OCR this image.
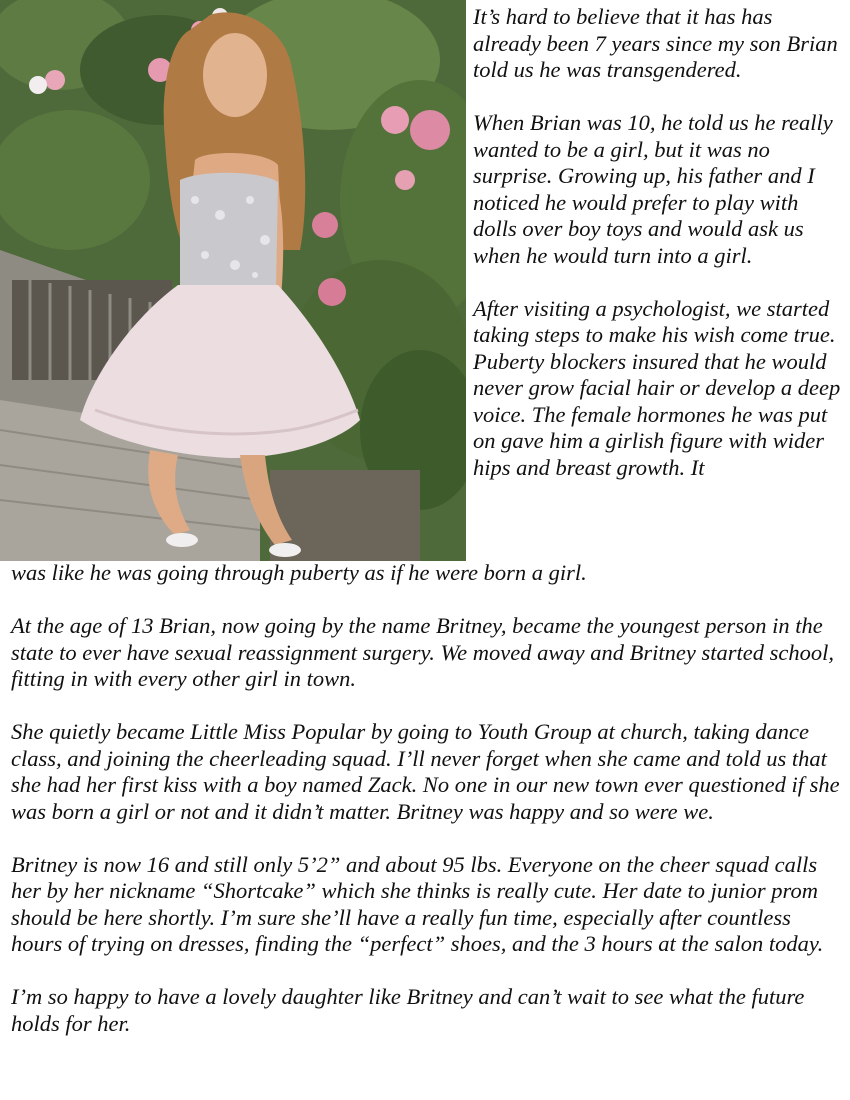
It’s hard to believe that it has has already been 7 years since my son Brian told us he was transgendered.

When Brian was 10, he told us he really wanted to be a girl, but it was no surprise. Growing up, his father and I noticed he would prefer to play with dolls over boy toys and would ask us when he would turn into a girl.

After visiting a psychologist, we started taking steps to make his wish come true. Puberty blockers insured that he would never grow facial hair or develop a deep voice. The female hormones he was put on gave him a girlish figure with wider hips and breast growth. It

was like he was going through puberty as if he were born a girl.

At the age of 13 Brian, now going by the name Britney, became the youngest person in the state to ever have sexual reassignment surgery. We moved away and Britney started school, fitting in with every other girl in town.

She quietly became Little Miss Popular by going to Youth Group at church, taking dance class, and joining the cheerleading squad. I’ll never forget when she came and told us that she had her first kiss with a boy named Zack. No one in our new town ever questioned if she was born a girl or not and it didn’t matter. Britney was happy and so were we.

Britney is now 16 and still only 5’2” and about 95 lbs. Everyone on the cheer squad calls her by her nickname “Shortcake” which she thinks is really cute. Her date to junior prom should be here shortly. I’m sure she’ll have a really fun time, especially after countless hours of trying on dresses, finding the “perfect” shoes, and the 3 hours at the salon today.

I’m so happy to have a lovely daughter like Britney and can’t wait to see what the future holds for her.
